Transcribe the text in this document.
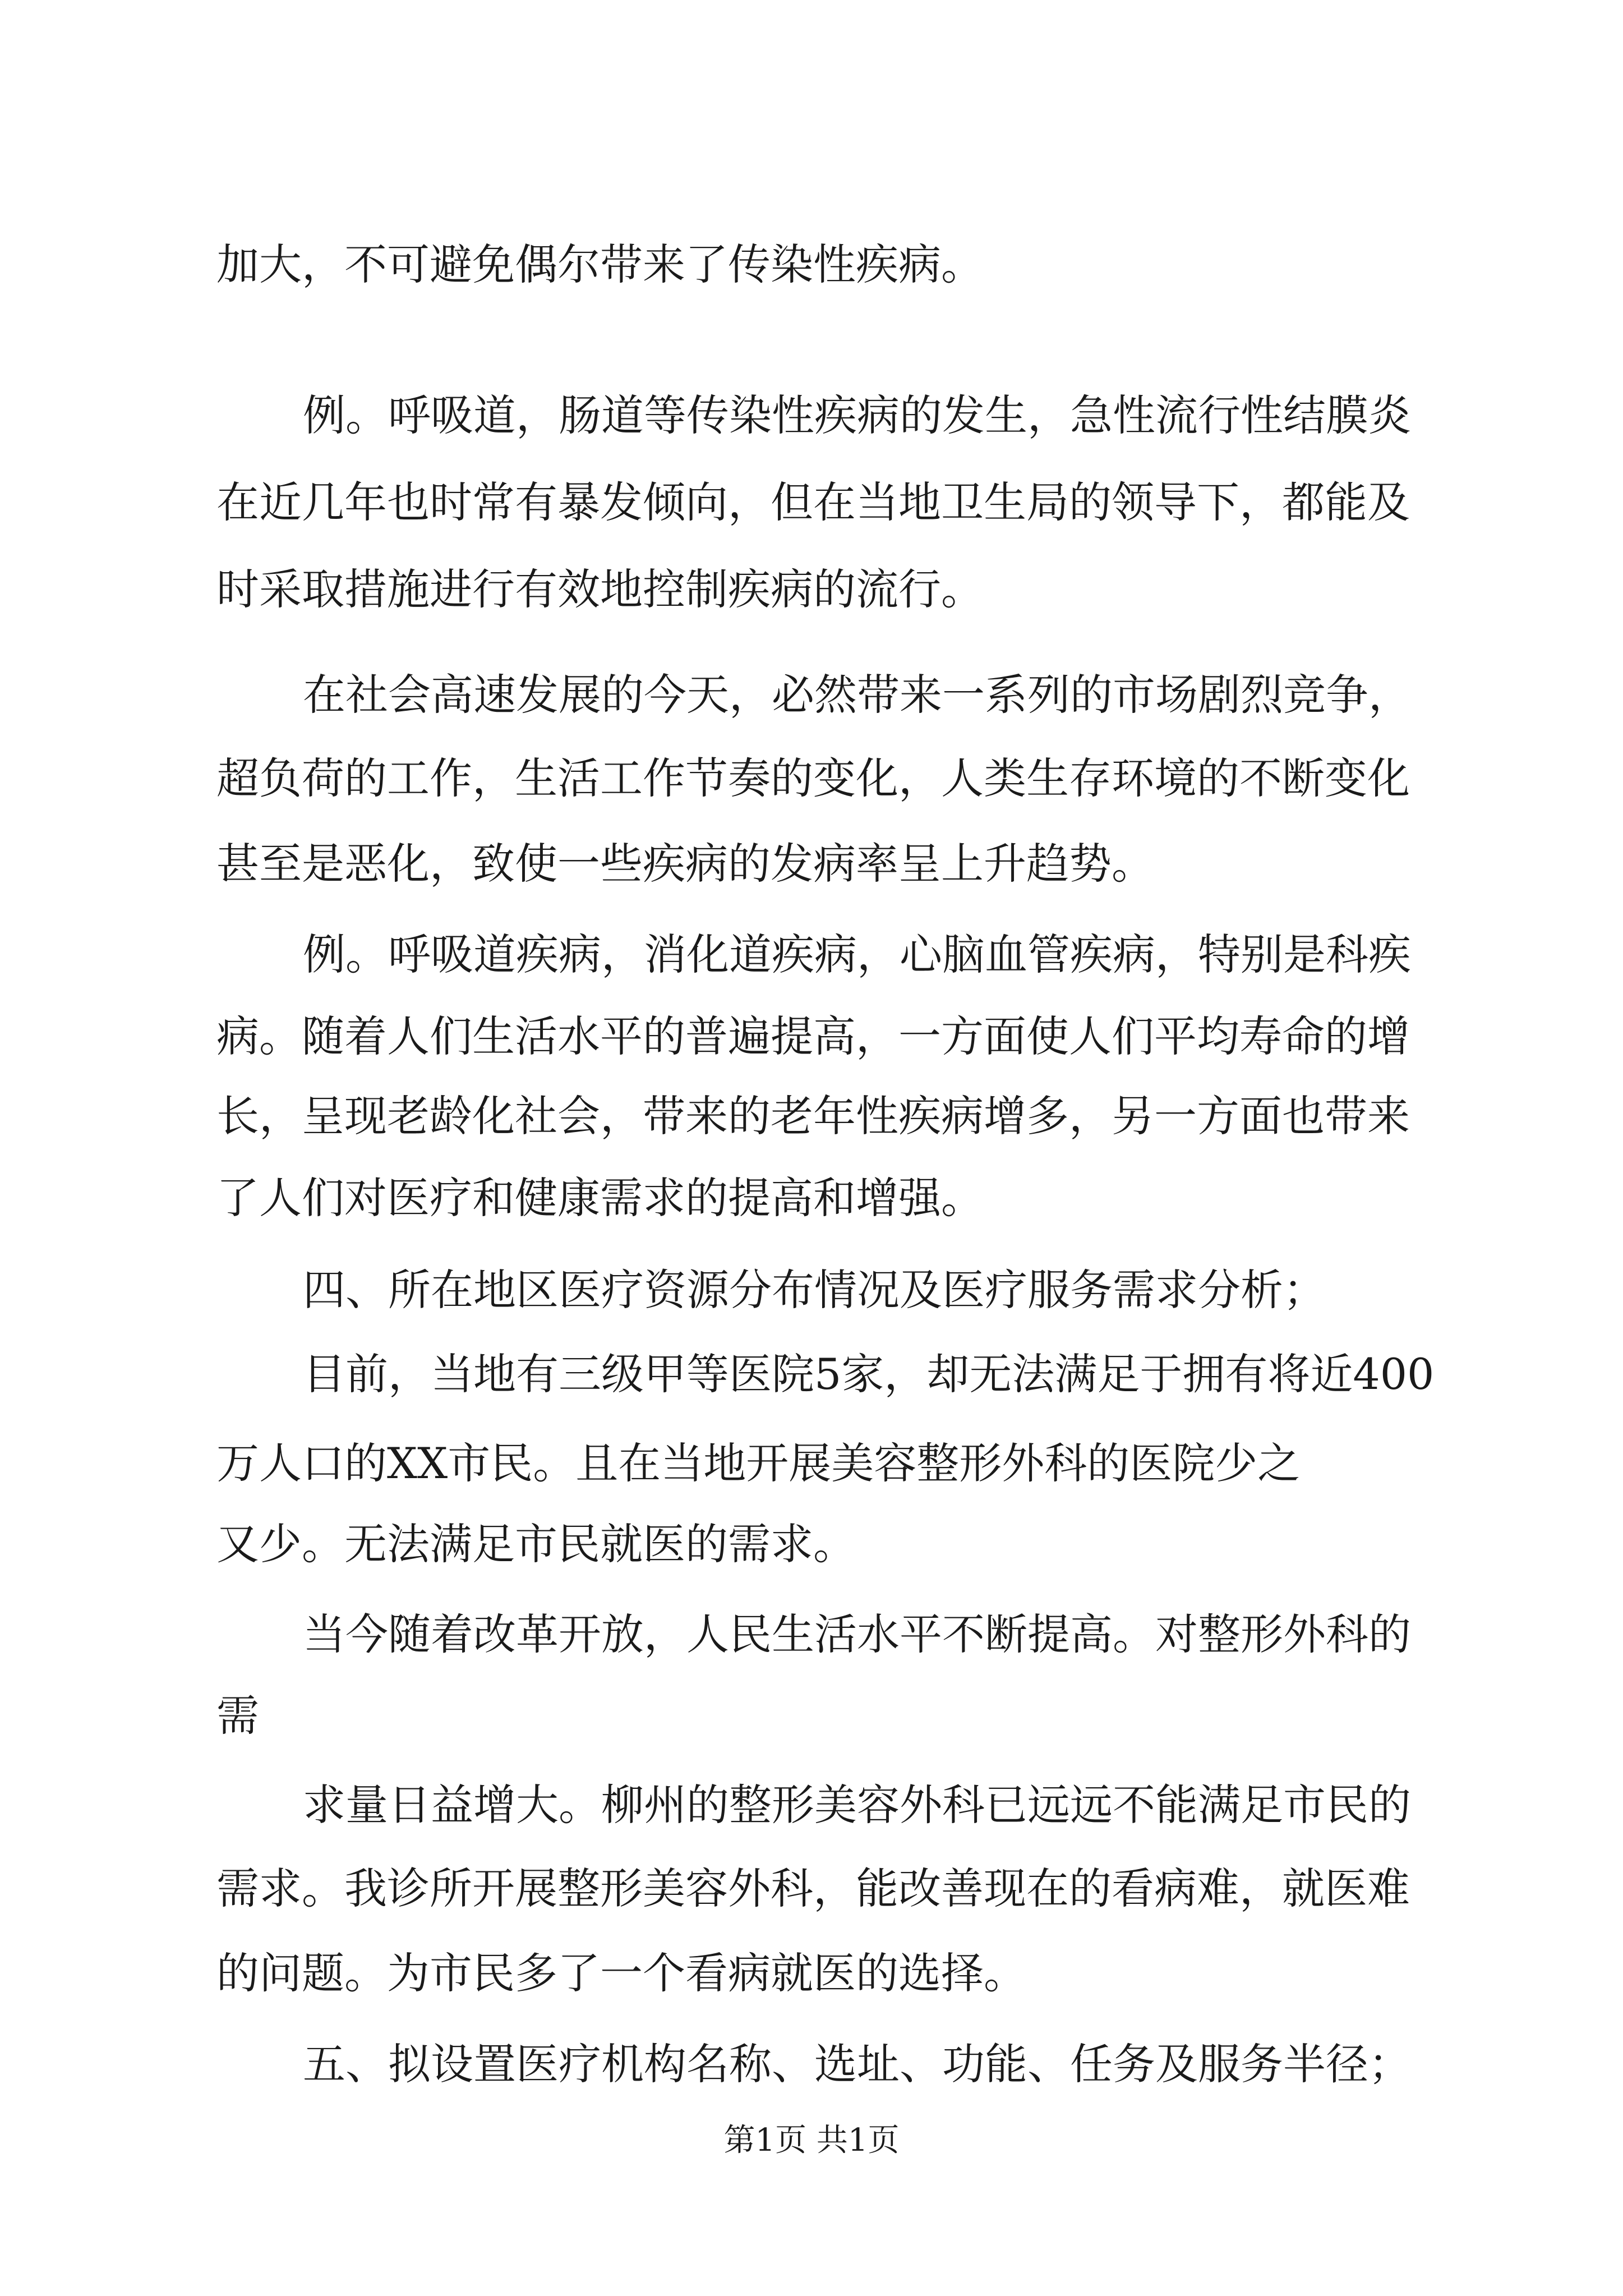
加大，不可避免偶尔带来了传染性疾病。
例。呼吸道，肠道等传染性疾病的发生，急性流行性结膜炎
在近几年也时常有暴发倾向，但在当地卫生局的领导下，都能及
时采取措施进行有效地控制疾病的流行。
在社会高速发展的今天，必然带来一系列的市场剧烈竞争，
超负荷的工作，生活工作节奏的变化，人类生存环境的不断变化
甚至是恶化，致使一些疾病的发病率呈上升趋势。
例。呼吸道疾病，消化道疾病，心脑血管疾病，特别是科疾
病。随着人们生活水平的普遍提高，一方面使人们平均寿命的增
长，呈现老龄化社会，带来的老年性疾病增多，另一方面也带来
了人们对医疗和健康需求的提高和增强。
四、所在地区医疗资源分布情况及医疗服务需求分析；
目前，当地有三级甲等医院5家，却无法满足于拥有将近400
万人口的XX市民。且在当地开展美容整形外科的医院少之
又少。无法满足市民就医的需求。
当今随着改革开放，人民生活水平不断提高。对整形外科的
需
求量日益增大。柳州的整形美容外科已远远不能满足市民的
需求。我诊所开展整形美容外科，能改善现在的看病难，就医难
的问题。为市民多了一个看病就医的选择。
五、拟设置医疗机构名称、选址、功能、任务及服务半径；
第1页 共1页
